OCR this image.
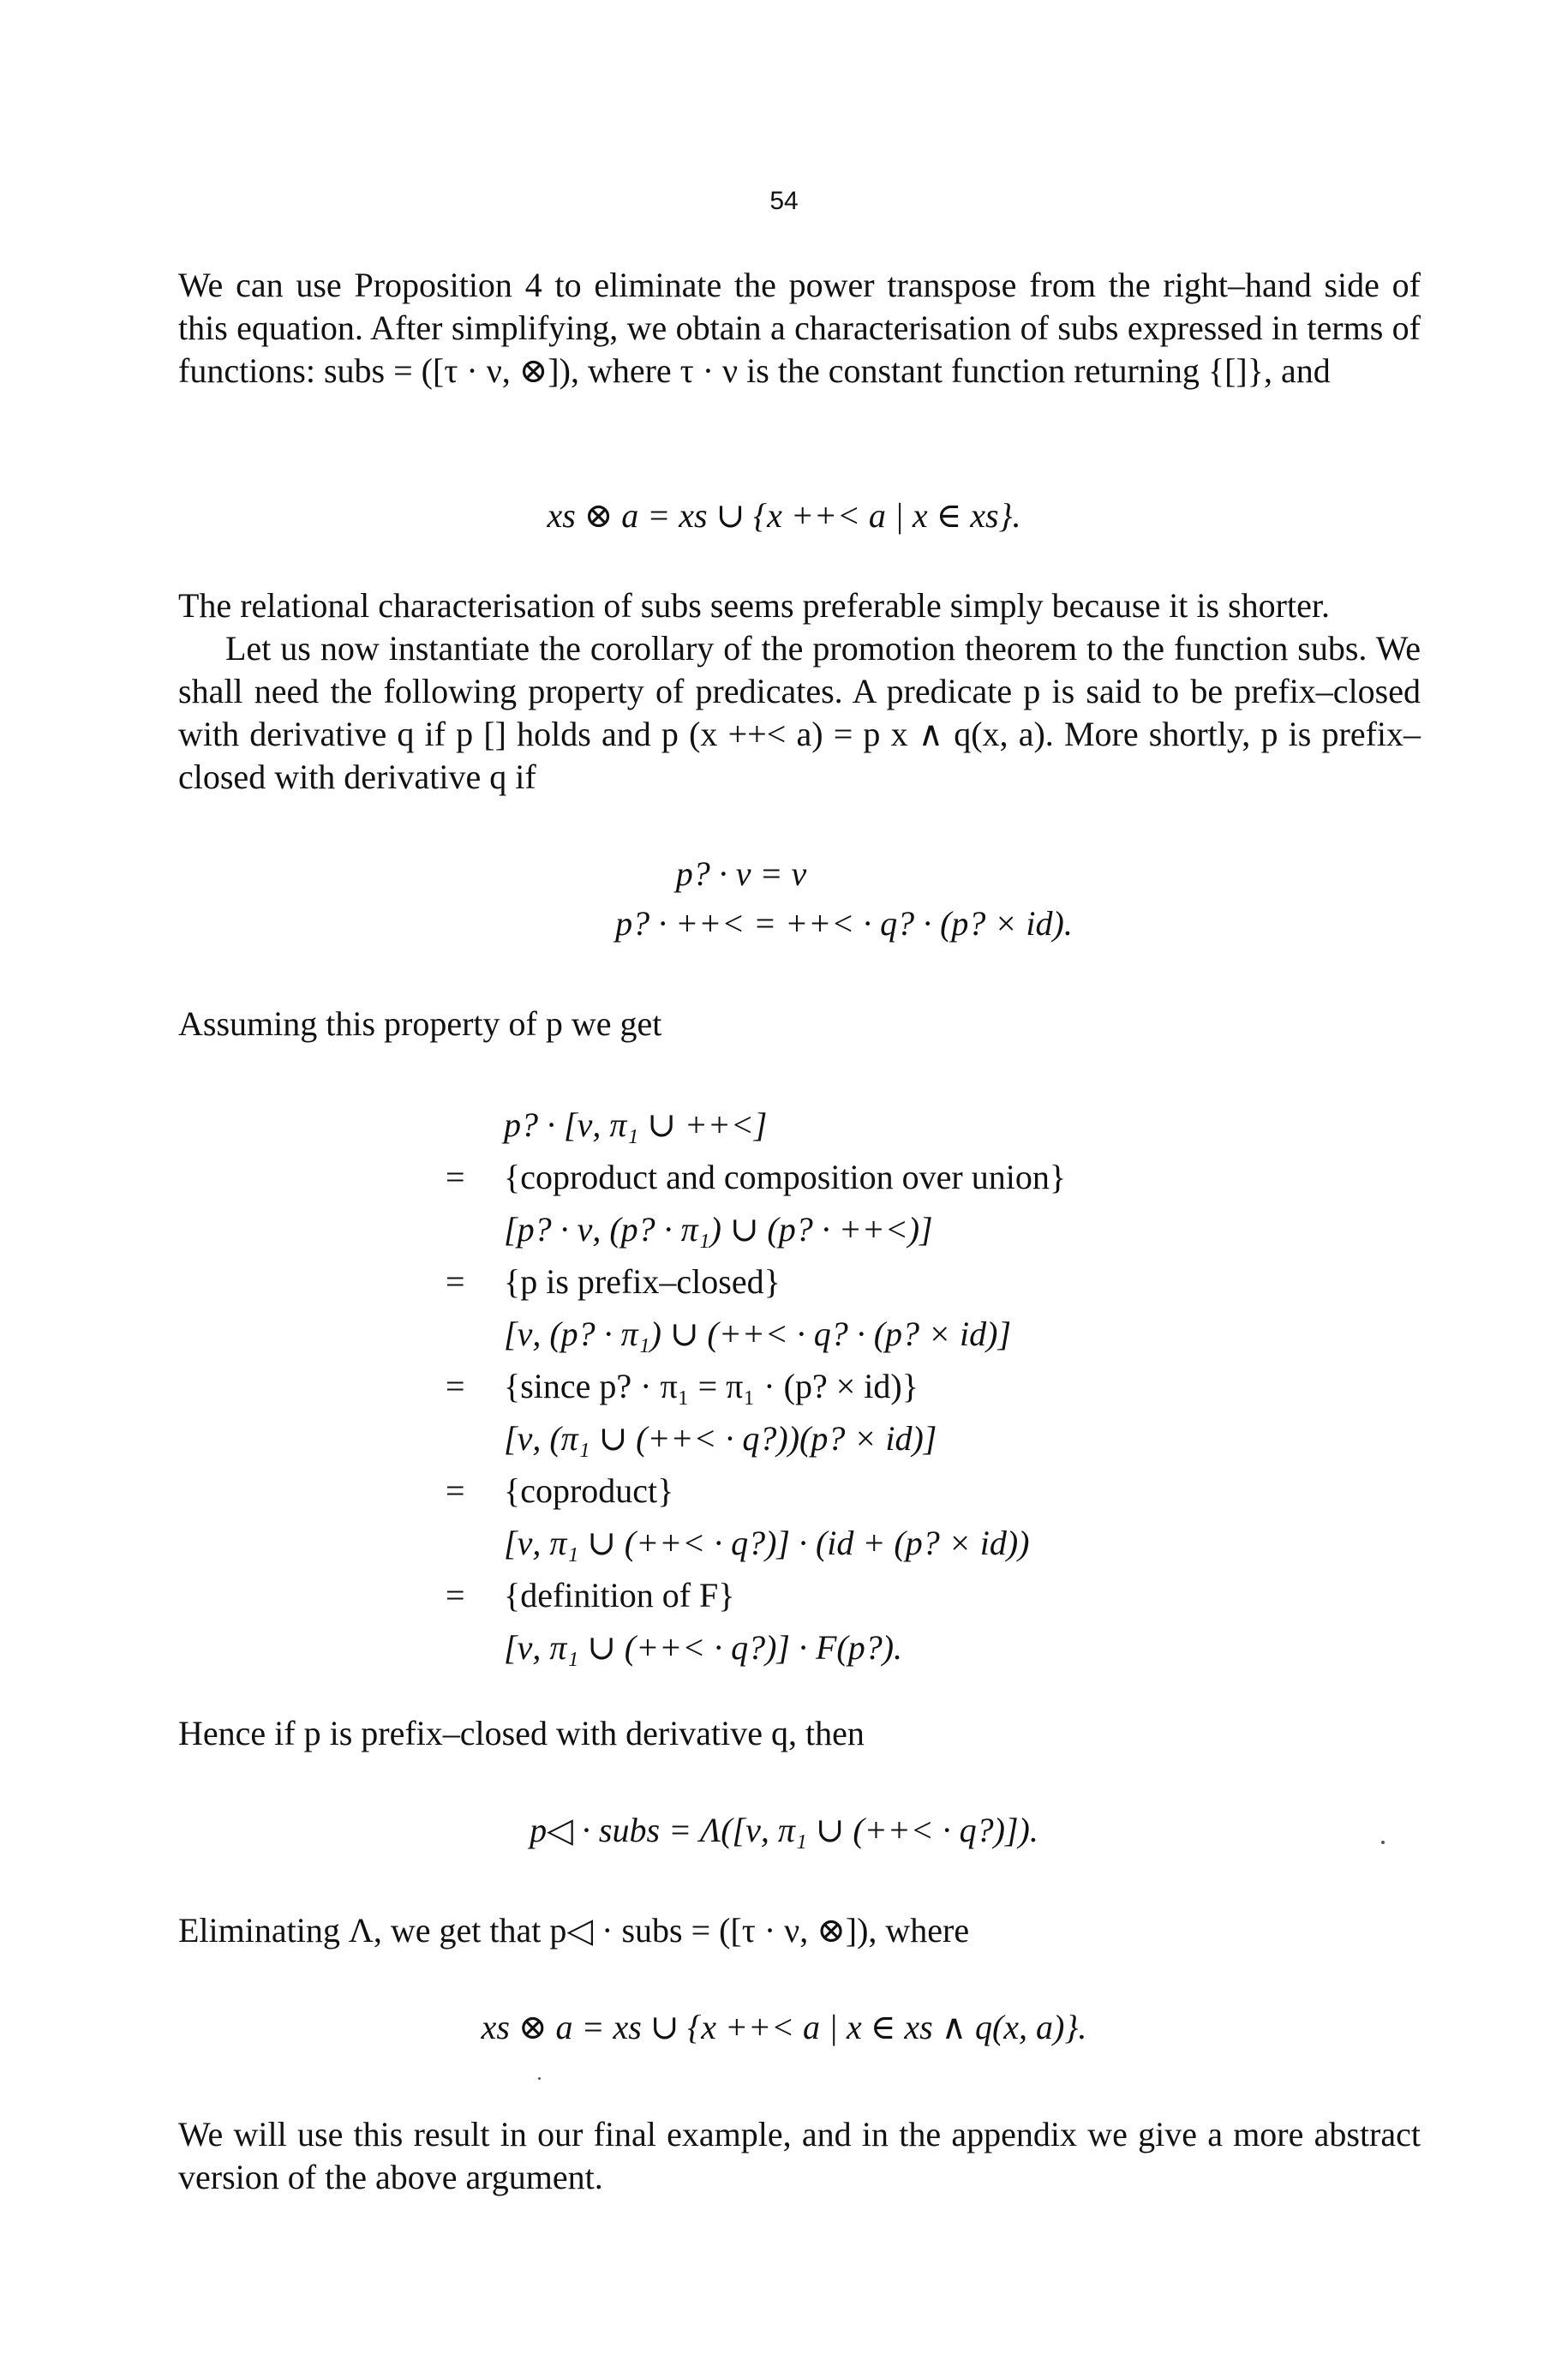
54

We can use Proposition 4 to eliminate the power transpose from the right–hand side of this equation. After simplifying, we obtain a characterisation of subs expressed in terms of functions: subs = ([τ · ν, ⊗]), where τ · ν is the constant function returning {[]}, and

xs ⊗ a = xs ∪ {x ++< a | x ∈ xs}.

The relational characterisation of subs seems preferable simply because it is shorter.

Let us now instantiate the corollary of the promotion theorem to the function subs. We shall need the following property of predicates. A predicate p is said to be prefix–closed with derivative q if p [] holds and p (x ++< a) = p x ∧ q(x, a). More shortly, p is prefix–closed with derivative q if

p? · ν = ν
p? · ++< = ++< · q? · (p? × id).

Assuming this property of p we get

p? · [ν, π₁ ∪ ++<]
=	{coproduct and composition over union}
[p? · ν, (p? · π₁) ∪ (p? · ++<)]
=	{p is prefix–closed}
[ν, (p? · π₁) ∪ (++< · q? · (p? × id)]
=	{since p? · π₁ = π₁ · (p? × id)}
[ν, (π₁ ∪ (++< · q?))(p? × id)]
=	{coproduct}
[ν, π₁ ∪ (++< · q?)] · (id + (p? × id))
=	{definition of F}
[ν, π₁ ∪ (++< · q?)] · F(p?).

Hence if p is prefix–closed with derivative q, then

p◁ · subs = Λ([ν, π₁ ∪ (++< · q?)]).

Eliminating Λ, we get that p◁ · subs = ([τ · ν, ⊗]), where

xs ⊗ a = xs ∪ {x ++< a | x ∈ xs ∧ q(x, a)}.

We will use this result in our final example, and in the appendix we give a more abstract version of the above argument.
